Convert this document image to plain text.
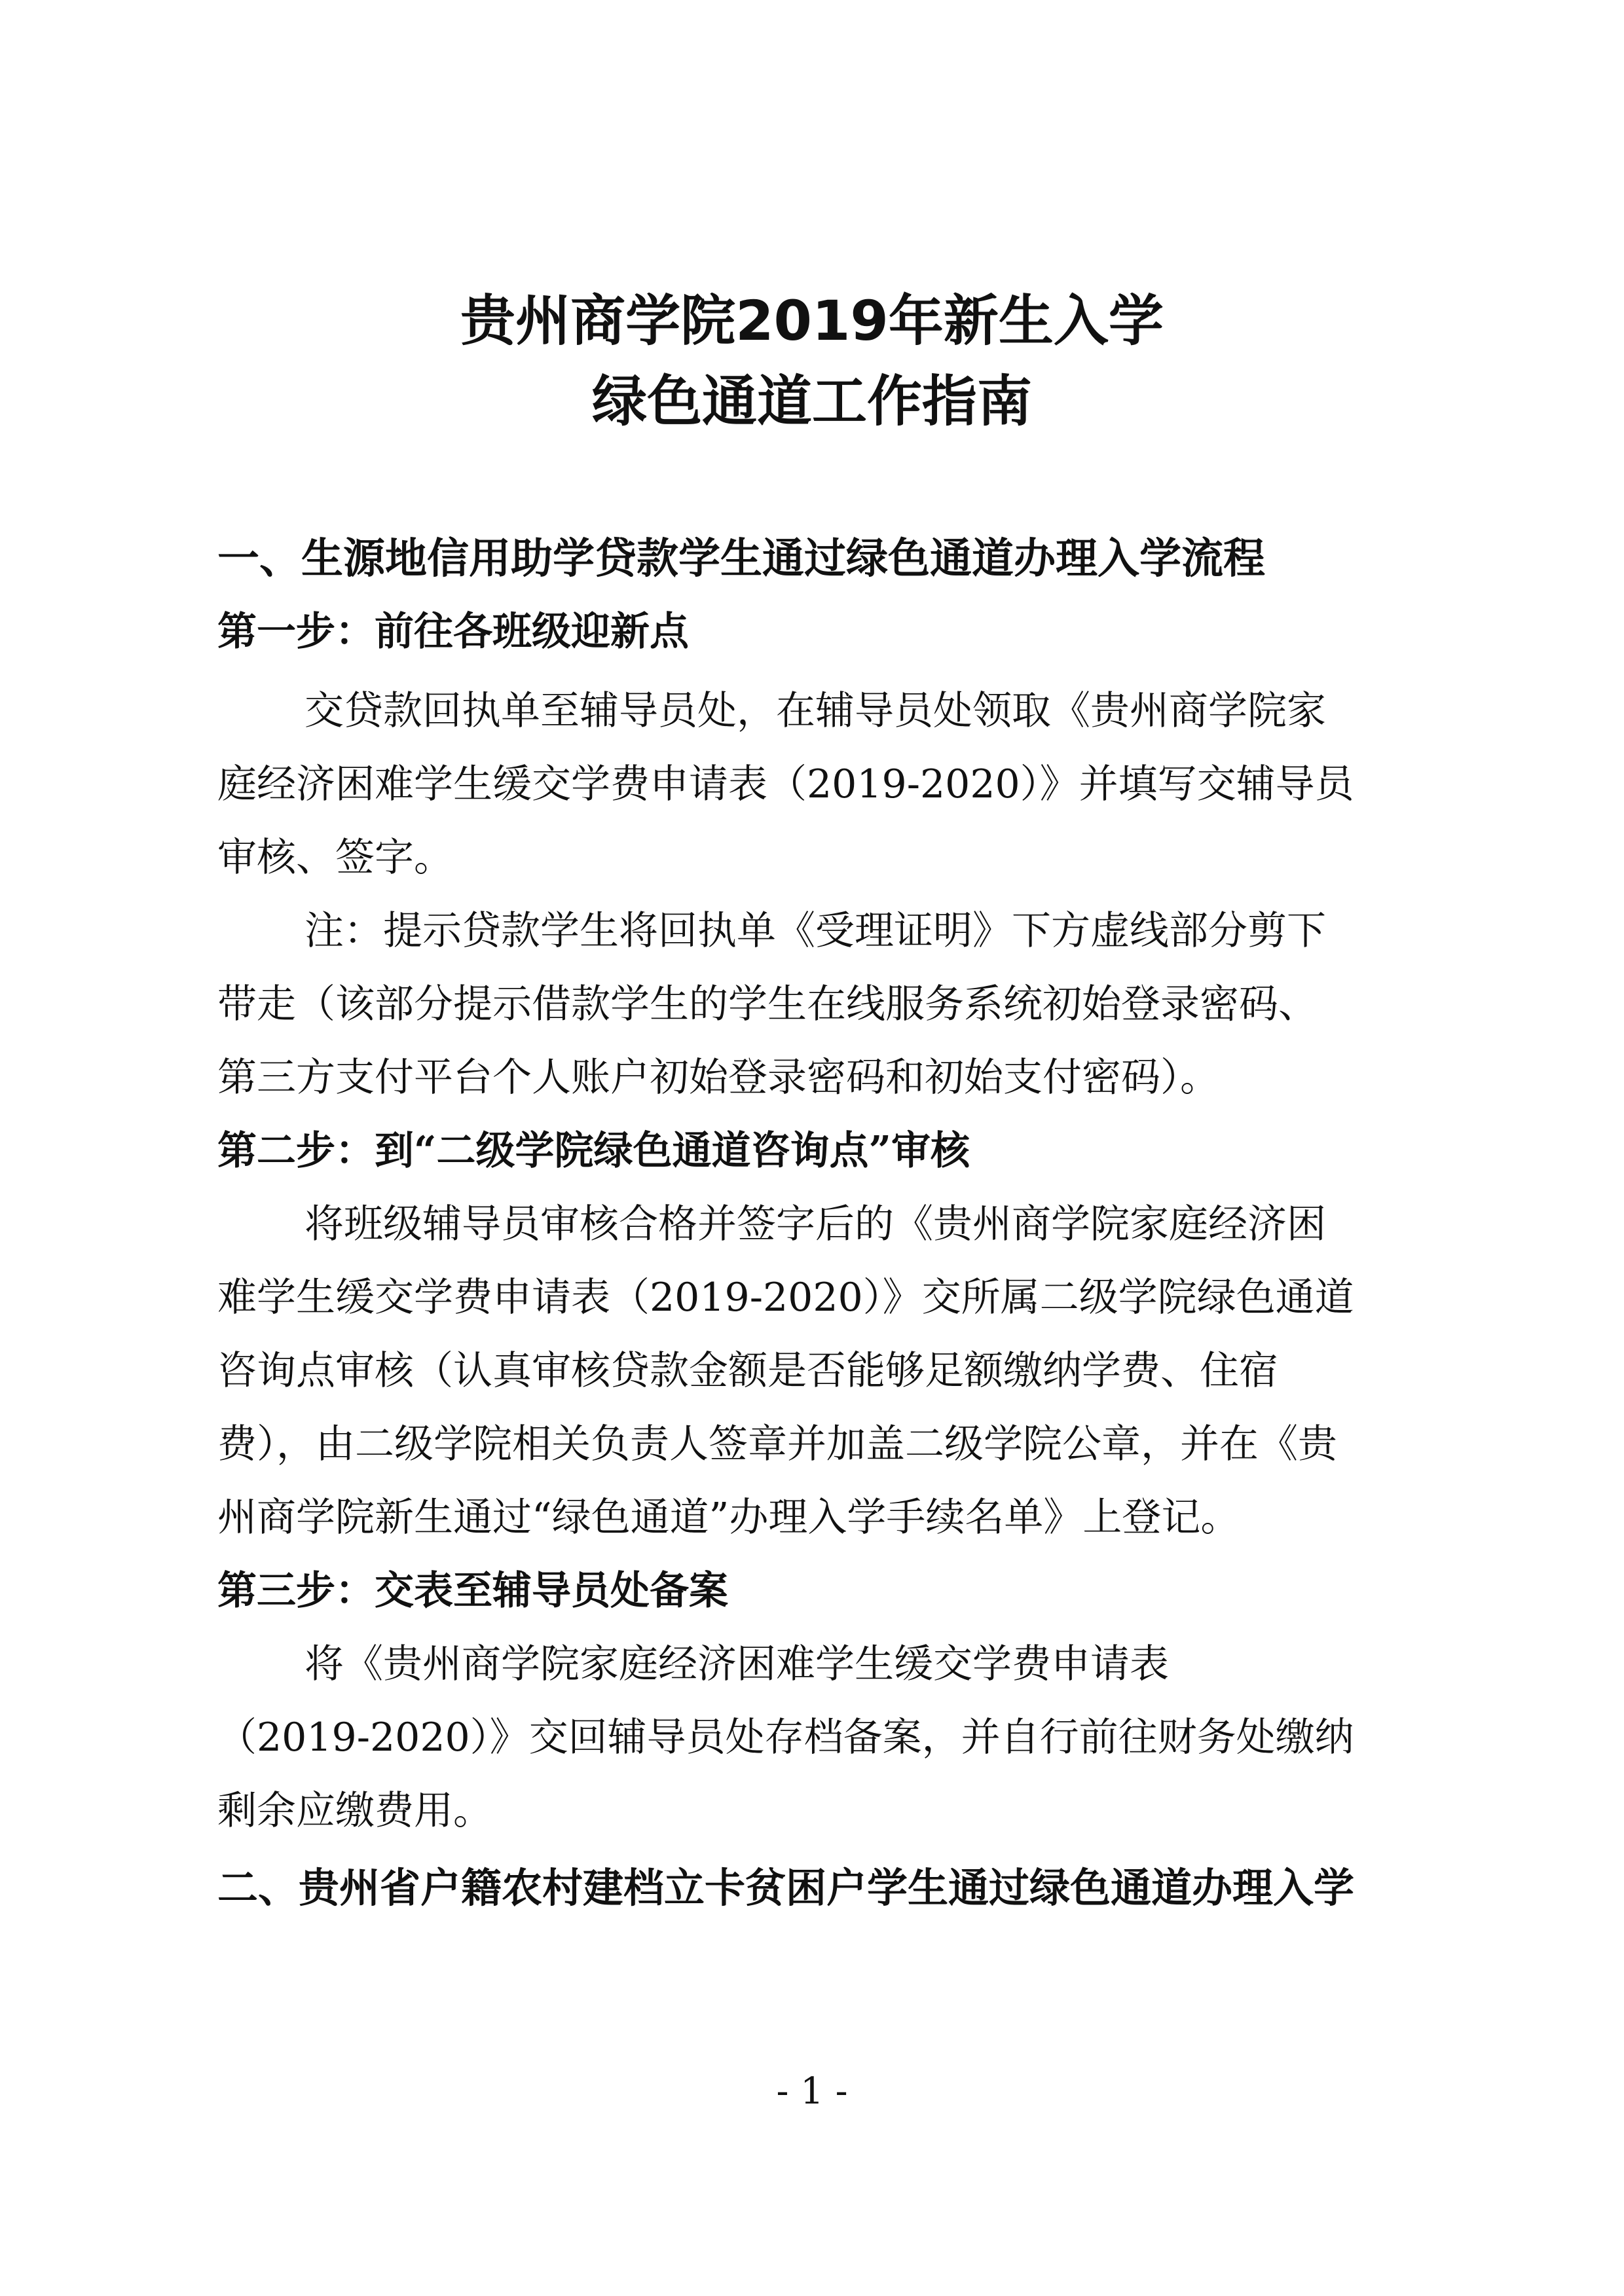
贵州商学院2019年新生入学
绿色通道工作指南
一、生源地信用助学贷款学生通过绿色通道办理入学流程
第一步：前往各班级迎新点
交贷款回执单至辅导员处，在辅导员处领取《贵州商学院家
庭经济困难学生缓交学费申请表（2019-2020）》并填写交辅导员
审核、签字。
注：提示贷款学生将回执单《受理证明》下方虚线部分剪下
带走（该部分提示借款学生的学生在线服务系统初始登录密码、
第三方支付平台个人账户初始登录密码和初始支付密码）。
第二步：到“二级学院绿色通道咨询点”审核
将班级辅导员审核合格并签字后的《贵州商学院家庭经济困
难学生缓交学费申请表（2019-2020）》交所属二级学院绿色通道
咨询点审核（认真审核贷款金额是否能够足额缴纳学费、住宿
费），由二级学院相关负责人签章并加盖二级学院公章，并在《贵
州商学院新生通过“绿色通道”办理入学手续名单》上登记。
第三步：交表至辅导员处备案
将《贵州商学院家庭经济困难学生缓交学费申请表
（2019-2020）》交回辅导员处存档备案，并自行前往财务处缴纳
剩余应缴费用。
二、贵州省户籍农村建档立卡贫困户学生通过绿色通道办理入学
- 1 -
